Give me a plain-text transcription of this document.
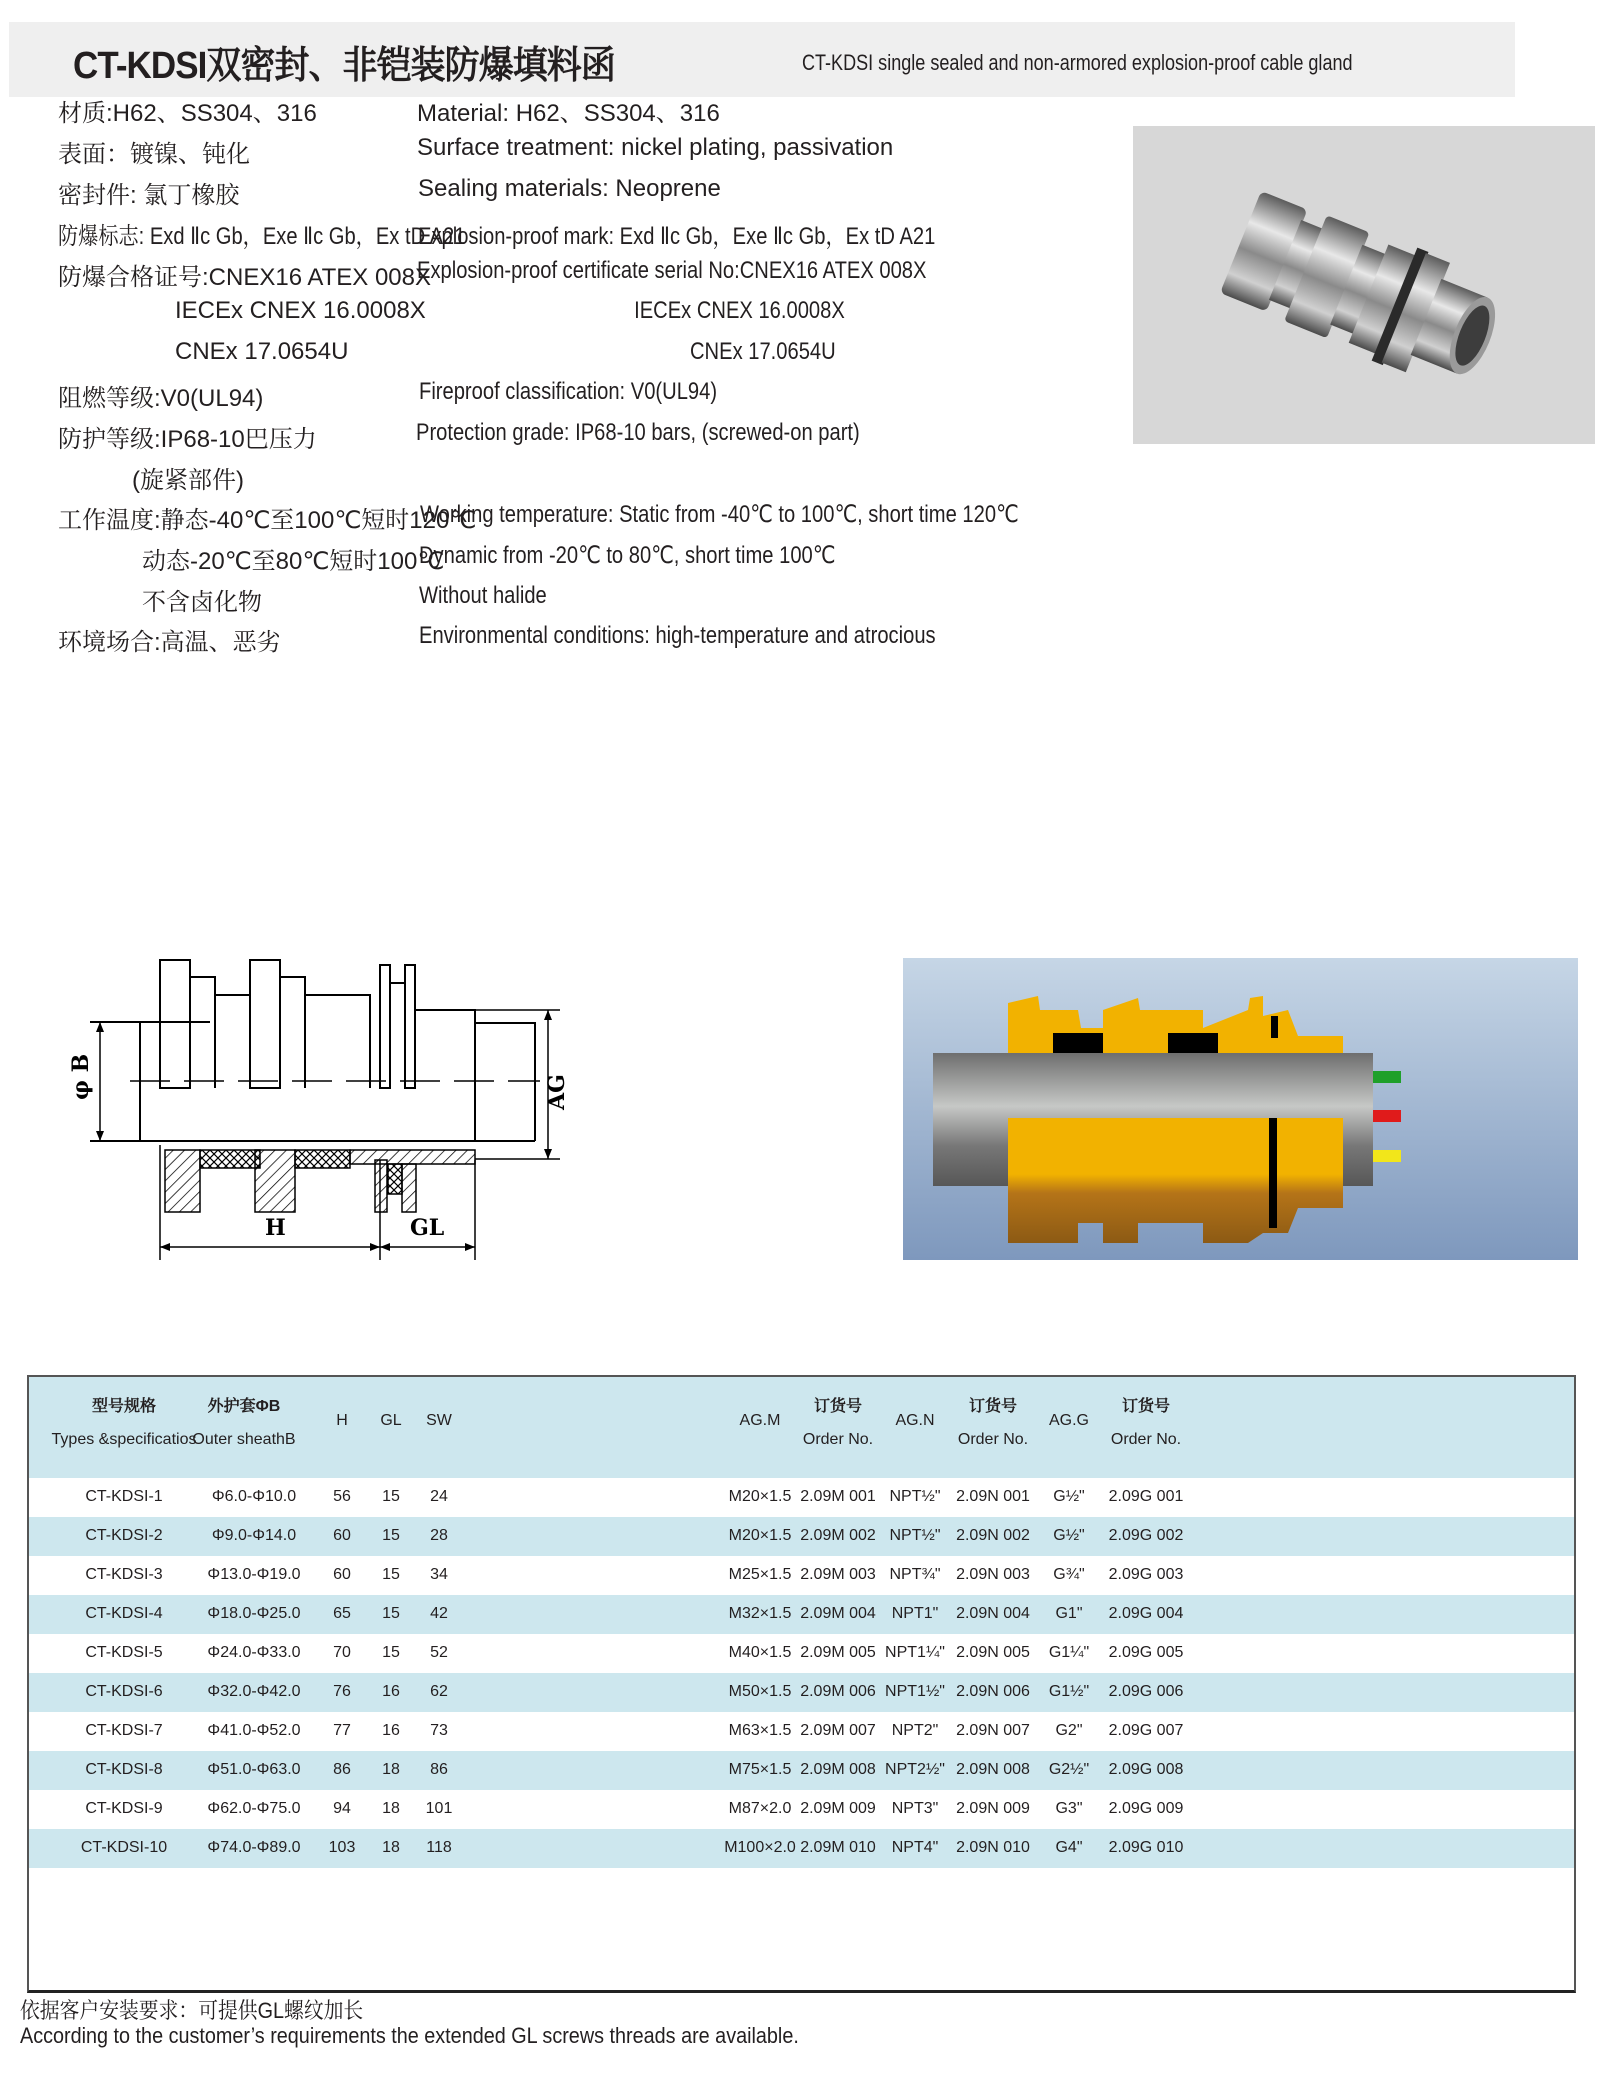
CT-KDSI双密封、非铠装防爆填料函	CT-KDSI single sealed and non-armored explosion-proof cable gland
材质:H62、SS304、316
表面：镀镍、钝化
密封件: 氯丁橡胶
防爆标志: Exd Ⅱc Gb，Exe Ⅱc Gb，Ex tD A21
防爆合格证号:CNEX16 ATEX 008X
IECEx CNEX 16.0008X
CNEx 17.0654U
阻燃等级:V0(UL94)
防护等级:IP68-10巴压力
(旋紧部件)
工作温度:静态-40℃至100℃短时120℃
动态-20℃至80℃短时100℃
不含卤化物
环境场合:高温、恶劣
Material: H62、SS304、316
Surface treatment: nickel plating, passivation
Sealing materials: Neoprene
Explosion-proof mark: Exd Ⅱc Gb，Exe Ⅱc Gb，Ex tD A21
Explosion-proof certificate serial No:CNEX16 ATEX 008X
IECEx CNEX 16.0008X
CNEx 17.0654U
Fireproof classification: V0(UL94)
Protection grade: IP68-10 bars, (screwed-on part)
Working temperature: Static from -40℃ to 100℃, short time 120℃
Dynamic from -20℃ to 80℃, short time 100℃
Without halide
Environmental conditions: high-temperature and atrocious
φ B	AG
H	GL
型号规格
Types &specificatios
外护套ΦB
Outer sheathB
H GL SW	AG.M
订货号
Order No.
AG.N
订货号
Order No.
AG.G
订货号
Order No.
CT-KDSI-1	Φ6.0-Φ10.0 56 15 24	M20×1.5 2.09M 001 NPT½" 2.09N 001 G½" 2.09G 001
CT-KDSI-2	Φ9.0-Φ14.0 60 15 28	M20×1.5 2.09M 002 NPT½" 2.09N 002 G½" 2.09G 002
CT-KDSI-3	Φ13.0-Φ19.0 60 15 34	M25×1.5 2.09M 003 NPT¾" 2.09N 003 G¾" 2.09G 003
CT-KDSI-4	Φ18.0-Φ25.0 65 15 42	M32×1.5 2.09M 004 NPT1" 2.09N 004 G1" 2.09G 004
CT-KDSI-5	Φ24.0-Φ33.0 70 15 52	M40×1.5 2.09M 005 NPT1¼" 2.09N 005 G1¼" 2.09G 005
CT-KDSI-6	Φ32.0-Φ42.0 76 16 62	M50×1.5 2.09M 006 NPT1½" 2.09N 006 G1½" 2.09G 006
CT-KDSI-7	Φ41.0-Φ52.0 77 16 73	M63×1.5 2.09M 007 NPT2" 2.09N 007 G2" 2.09G 007
CT-KDSI-8	Φ51.0-Φ63.0 86 18 86	M75×1.5 2.09M 008 NPT2½" 2.09N 008 G2½" 2.09G 008
CT-KDSI-9	Φ62.0-Φ75.0 94 18 101	M87×2.0 2.09M 009 NPT3" 2.09N 009 G3" 2.09G 009
CT-KDSI-10	Φ74.0-Φ89.0 103 18 118	M100×2.0 2.09M 010 NPT4" 2.09N 010 G4" 2.09G 010
依据客户安装要求：可提供GL螺纹加长
According to the customer’s requirements the extended GL screws threads are available.
